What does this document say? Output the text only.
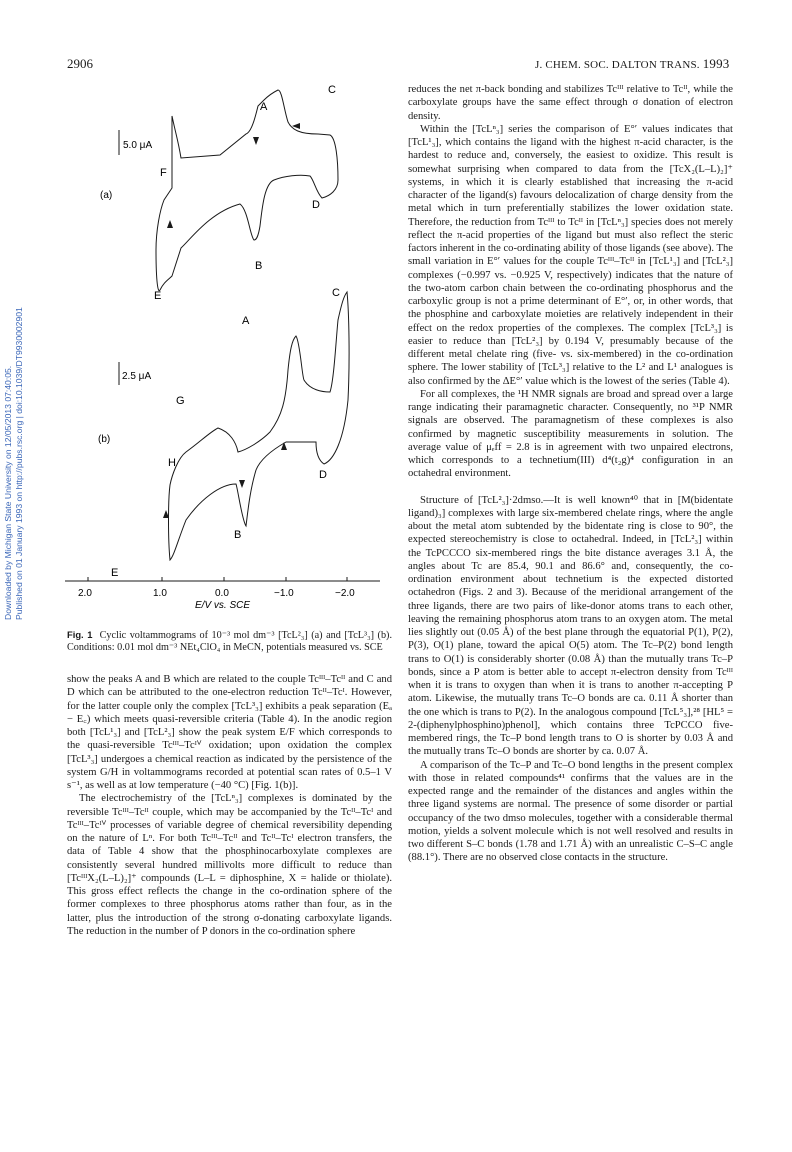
2906	J. CHEM. SOC. DALTON TRANS. 1993
Downloaded by Michigan State University on 12/05/2013 07:40:05. Published on 01 January 1993 on http://pubs.rsc.org | doi:10.1039/DT9930002901
C
A
D
B
F
E
(a)
5.0 μA
C
A
D
B
G
H
E
(b)
2.5 μA
2.0	1.0	0.0	−1.0	−2.0
E/V vs. SCE
Fig. 1 Cyclic voltammograms of 10⁻³ mol dm⁻³ [TcL²₃] (a) and [TcL³₃] (b). Conditions: 0.01 mol dm⁻³ NEt₄ClO₄ in MeCN, potentials measured vs. SCE

show the peaks A and B which are related to the couple Tcᴵᴵᴵ–Tcᴵᴵ and C and D which can be attributed to the one-electron reduction Tcᴵᴵ–Tcᴵ. However, for the latter couple only the complex [TcL³₃] exhibits a peak separation (Eₐ − E꜀) which meets quasi-reversible criteria (Table 4). In the anodic region both [TcL¹₃] and [TcL²₃] show the peak system E/F which corresponds to the quasi-reversible Tcᴵᴵᴵ–Tcᴵⱽ oxidation; upon oxidation the complex [TcL³₃] undergoes a chemical reaction as indicated by the persistence of the system G/H in voltammograms recorded at potential scan rates of 0.5–1 V s⁻¹, as well as at low temperature (−40 °C) [Fig. 1(b)].

The electrochemistry of the [TcLⁿ₃] complexes is dominated by the reversible Tcᴵᴵᴵ–Tcᴵᴵ couple, which may be accompanied by the Tcᴵᴵ–Tcᴵ and Tcᴵᴵᴵ–Tcᴵⱽ processes of variable degree of chemical reversibility depending on the nature of Lⁿ. For both Tcᴵᴵᴵ–Tcᴵᴵ and Tcᴵᴵ–Tcᴵ electron transfers, the data of Table 4 show that the phosphinocarboxylate complexes are consistently several hundred millivolts more difficult to reduce than [TcᴵᴵᴵX₂(L–L)₂]⁺ compounds (L–L = diphosphine, X = halide or thiolate). This gross effect reflects the change in the co-ordination sphere of the former complexes to three phosphorus atoms rather than four, as in the latter, plus the introduction of the strong σ-donating carboxylate ligands. The reduction in the number of P donors in the co-ordination sphere

reduces the net π-back bonding and stabilizes Tcᴵᴵᴵ relative to Tcᴵᴵ, while the carboxylate groups have the same effect through σ donation of electron density.

Within the [TcLⁿ₃] series the comparison of E°′ values indicates that [TcL¹₃], which contains the ligand with the highest π-acid character, is the hardest to reduce and, conversely, the easiest to oxidize. This result is somewhat surprising when compared to data from the [TcX₂(L–L)₂]⁺ systems, in which it is clearly established that increasing the π-acid character of the ligand(s) favours delocalization of charge density from the metal which in turn preferentially stabilizes the lower oxidation state. Therefore, the reduction from Tcᴵᴵᴵ to Tcᴵᴵ in [TcLⁿ₃] species does not merely reflect the π-acid properties of the ligand but must also reflect the steric factors inherent in the co-ordinating ability of those ligands (see above). The small variation in E°′ values for the couple Tcᴵᴵᴵ–Tcᴵᴵ in [TcL¹₃] and [TcL²₃] complexes (−0.997 vs. −0.925 V, respectively) indicates that the nature of the two-atom carbon chain between the co-ordinating phosphorus and the carboxylic group is not a prime determinant of E°′, or, in other words, that the phosphine and carboxylate moieties are relatively independent in their effect on the redox properties of the complexes. The complex [TcL³₃] is easier to reduce than [TcL²₃] by 0.194 V, presumably because of the different metal chelate ring (five- vs. six-membered) in the co-ordination sphere. The lower stability of [TcL³₃] relative to the L² and L¹ analogues is also confirmed by the ΔE°′ value which is the lowest of the series (Table 4).

For all complexes, the ¹H NMR signals are broad and spread over a large range indicating their paramagnetic character. Consequently, no ³¹P NMR signals are observed. The paramagnetism of these complexes is also confirmed by magnetic susceptibility measurements in solution. The average value of μₑff = 2.8 is in agreement with two unpaired electrons, which corresponds to a technetium(III) d⁴(t₂g)⁴ configuration in an octahedral environment.

Structure of [TcL²₃]·2dmso.—It is well known⁴⁰ that in [M(bidentate ligand)₃] complexes with large six-membered chelate rings, where the angle about the metal atom subtended by the bidentate ring is close to 90°, the expected stereochemistry is close to octahedral. Indeed, in [TcL²₃] within the TcPCCCO six-membered rings the bite distance averages 3.1 Å, the angles about Tc are 85.4, 90.1 and 86.6° and, consequently, the co-ordination environment about technetium is the expected distorted octahedron (Figs. 2 and 3). Because of the meridional arrangement of the three ligands, there are two pairs of like-donor atoms trans to each other, leaving the remaining phosphorus atom trans to an oxygen atom. The metal lies slightly out (0.05 Å) of the best plane through the equatorial P(1), P(2), P(3), O(1) plane, toward the apical O(5) atom. The Tc–P(2) bond length trans to O(1) is considerably shorter (0.08 Å) than the mutually trans Tc–P bonds, since a P atom is better able to accept π-electron density from Tcᴵᴵᴵ when it is trans to oxygen than when it is trans to another π-accepting P atom. Likewise, the mutually trans Tc–O bonds are ca. 0.11 Å shorter than the one which is trans to P(2). In the analogous compound [TcL⁵₃],²⁸ [HL⁵ = 2-(diphenylphosphino)phenol], which contains three TcPCCO five-membered rings, the Tc–P bond length trans to O is shorter by 0.03 Å and the mutually trans Tc–O bonds are shorter by ca. 0.07 Å.

A comparison of the Tc–P and Tc–O bond lengths in the present complex with those in related compounds⁴¹ confirms that the values are in the expected range and the remainder of the distances and angles within the three ligand systems are normal. The presence of some disorder or partial occupancy of the two dmso molecules, together with a considerable thermal motion, yields a solvent molecule which is not well resolved and results in two different S–C bonds (1.78 and 1.71 Å) with an unrealistic C–S–C angle (88.1°). There are no observed close contacts in the structure.
